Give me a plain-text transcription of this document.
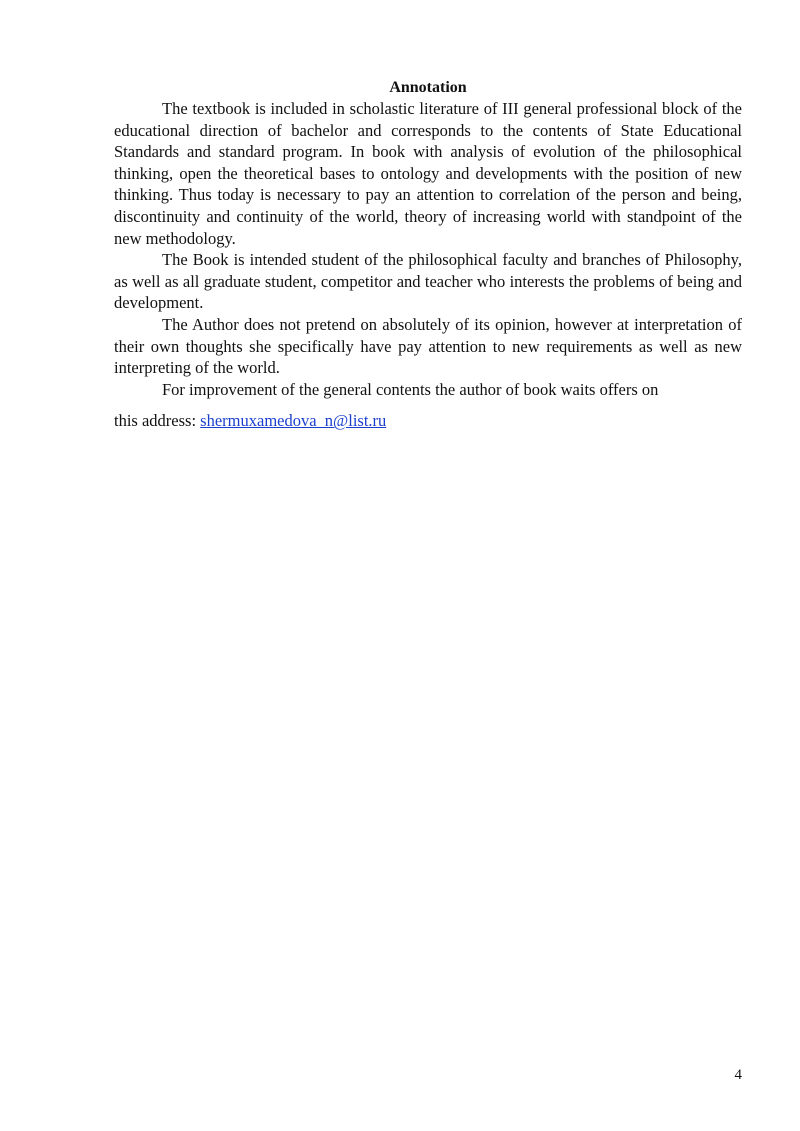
Annotation

The textbook is included in scholastic literature of III general professional block of the educational direction of bachelor and corresponds to the contents of State Educational Standards and standard program. In book with analysis of evolution of the philosophical thinking, open the theoretical bases to ontology and developments with the position of new thinking. Thus today is necessary to pay an attention to correlation of the person and being, discontinuity and continuity of the world, theory of increasing world with standpoint of the new methodology.

The Book is intended student of the philosophical faculty and branches of Philosophy, as well as all graduate student, competitor and teacher who interests the problems of being and development.

The Author does not pretend on absolutely of its opinion, however at interpretation of their own thoughts she specifically have pay attention to new requirements as well as new interpreting of the world.

For improvement of the general contents the author of book waits offers on

this address: shermuxamedova_n@list.ru

4
